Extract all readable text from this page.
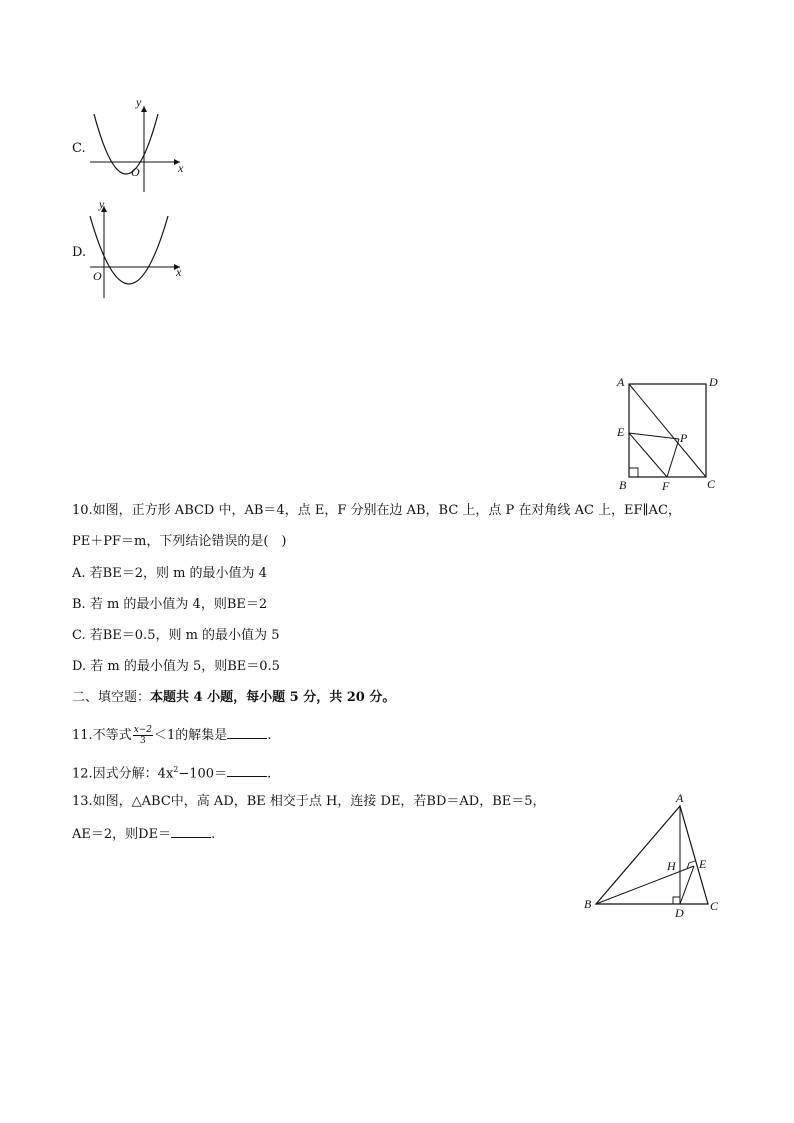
C.
y
x
O
D.
y
x
O
A	D
E	P
B	F	C
10.如图，正方形 ABCD 中，AB＝4，点 E，F 分别在边 AB，BC 上，点 P 在对角线 AC 上，EF∥AC，
PE＋PF＝m，下列结论错误的是(　)
A. 若BE＝2，则 m 的最小值为 4
B. 若 m 的最小值为 4，则BE＝2
C. 若BE＝0.5，则 m 的最小值为 5
D. 若 m 的最小值为 5，则BE＝0.5
二、填空题：本题共 4 小题，每小题 5 分，共 20 分。
11.不等式 $\frac{x-2}{3} <1$的解集是	.
12.因式分解：$4x^2-100=$	.
13.如图，△ABC中，高 AD，BE 相交于点 H，连接 DE，若BD＝AD，BE＝5，
AE＝2，则DE＝	.
A
H E
B
D C
